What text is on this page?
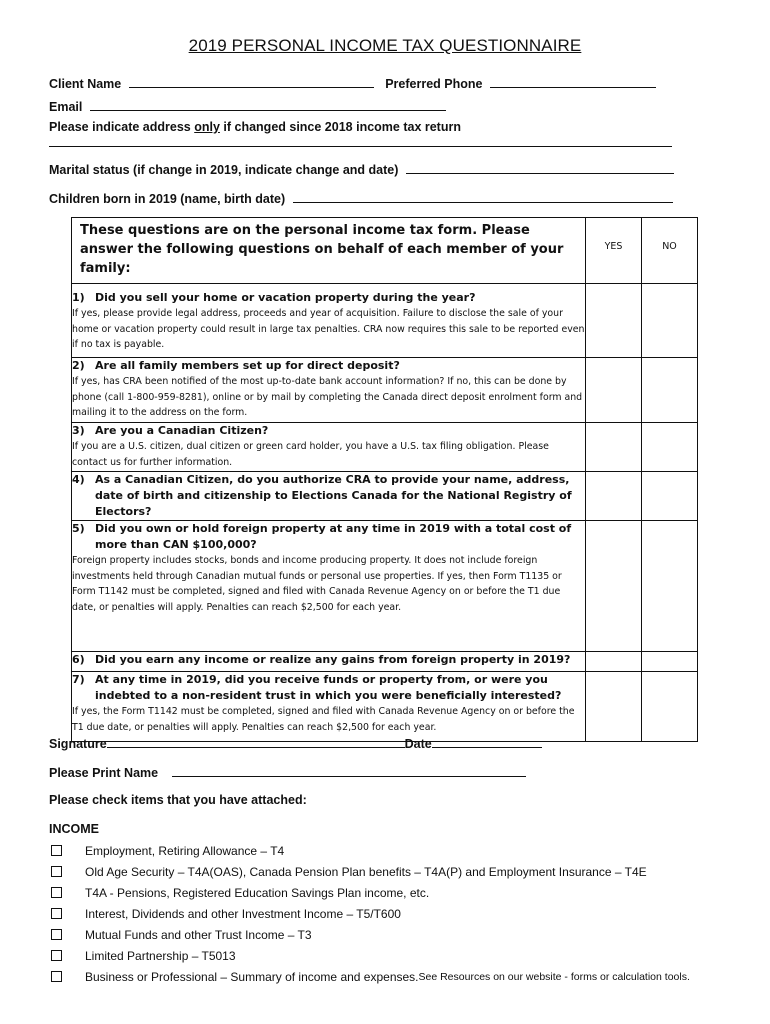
2019 PERSONAL INCOME TAX QUESTIONNAIRE
Client Name	Preferred Phone
Email
Please indicate address only if changed since 2018 income tax return
Marital status (if change in 2019, indicate change and date)
Children born in 2019 (name, birth date)
These questions are on the personal income tax form. Please answer the following questions on behalf of each member of your family:	YES	NO

1) Did you sell your home or vacation property during the year?
If yes, please provide legal address, proceeds and year of acquisition. Failure to disclose the sale of your home or vacation property could result in large tax penalties. CRA now requires this sale to be reported even if no tax is payable.		

2) Are all family members set up for direct deposit?
If yes, has CRA been notified of the most up-to-date bank account information? If no, this can be done by phone (call 1-800-959-8281), online or by mail by completing the Canada direct deposit enrolment form and mailing it to the address on the form.		

3) Are you a Canadian Citizen?
If you are a U.S. citizen, dual citizen or green card holder, you have a U.S. tax filing obligation. Please contact us for further information.		

4) As a Canadian Citizen, do you authorize CRA to provide your name, address, date of birth and citizenship to Elections Canada for the National Registry of Electors?		

5) Did you own or hold foreign property at any time in 2019 with a total cost of more than CAN $100,000?
Foreign property includes stocks, bonds and income producing property. It does not include foreign investments held through Canadian mutual funds or personal use properties. If yes, then Form T1135 or Form T1142 must be completed, signed and filed with Canada Revenue Agency on or before the T1 due date, or penalties will apply. Penalties can reach $2,500 for each year.		

6) Did you earn any income or realize any gains from foreign property in 2019?		

7) At any time in 2019, did you receive funds or property from, or were you indebted to a non-resident trust in which you were beneficially interested?
If yes, the Form T1142 must be completed, signed and filed with Canada Revenue Agency on or before the T1 due date, or penalties will apply. Penalties can reach $2,500 for each year.		

Signature	Date
Please Print Name
Please check items that you have attached:
INCOME
Employment, Retiring Allowance – T4
Old Age Security – T4A(OAS), Canada Pension Plan benefits – T4A(P) and Employment Insurance – T4E
T4A - Pensions, Registered Education Savings Plan income, etc.
Interest, Dividends and other Investment Income – T5/T600
Mutual Funds and other Trust Income – T3
Limited Partnership – T5013
Business or Professional – Summary of income and expenses. See Resources on our website - forms or calculation tools.
